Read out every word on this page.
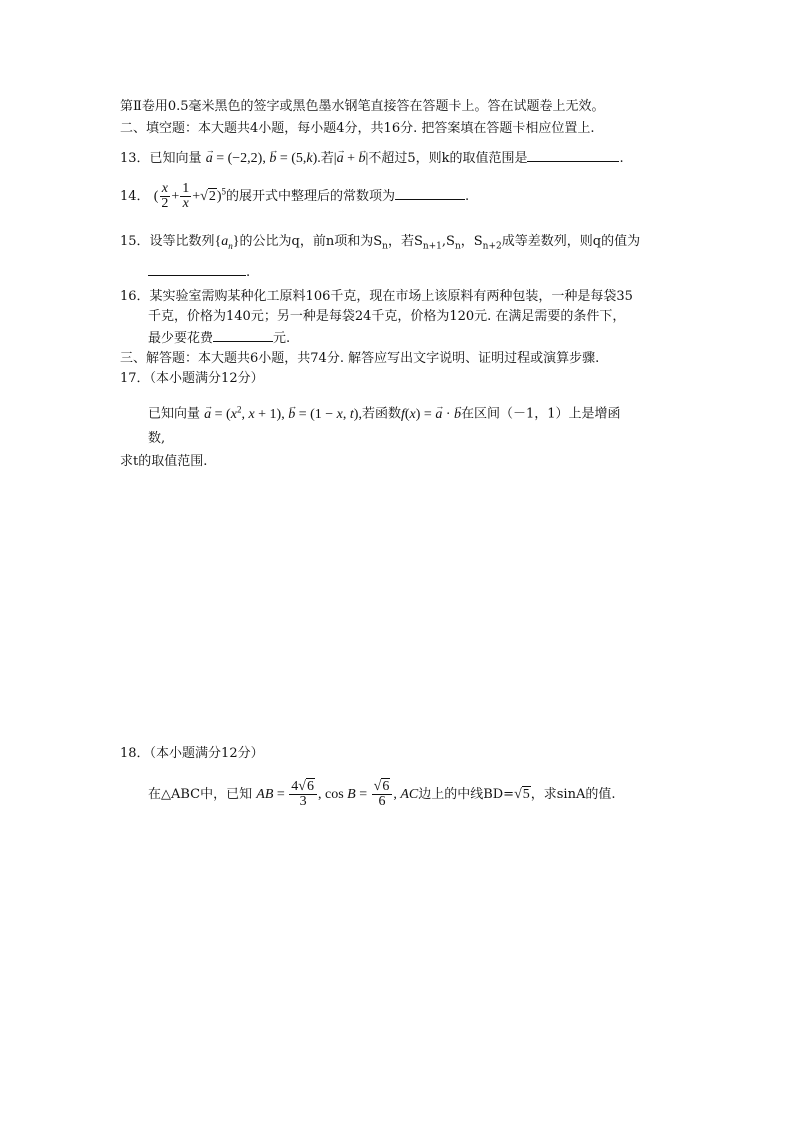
第Ⅱ卷用0.5毫米黑色的签字或黑色墨水钢笔直接答在答题卡上。答在试题卷上无效。
二、填空题：本大题共4小题，每小题4分，共16分. 把答案填在答题卡相应位置上.
13．已知向量 → a = (−2,2), → b = (5,k).若|→ a + → b|不超过5，则k的取值范围是	.
14． ( $\frac{x}{2} + \frac{1}{x} +√2)^5$的展开式中整理后的常数项为	.
15．设等比数列$\{a_n\}$的公比为q，前n项和为$S_n$，若$S_{n+1},S_n$，$S_{n+2}$成等差数列，则q的值为
.
16．某实验室需购某种化工原料106千克，现在市场上该原料有两种包装，一种是每袋35
千克，价格为140元；另一种是每袋24千克，价格为120元. 在满足需要的条件下，
最少要花费	元.
三、解答题：本大题共6小题，共74分. 解答应写出文字说明、证明过程或演算步骤.
17．（本小题满分12分）
已知向量 → $a = (x^2$, x + 1), → b = (1 − x, t),若函数f(x) = → a · → b在区间（－1，1）上是增函
数,
求t的取值范围.
18．（本小题满分12分）
在△ABC中，已知 AB = $\frac{4√6}{3}$ , $\cos B = \frac{√6}{6}$ , AC边上的中线BD=√5，求sinA的值.
